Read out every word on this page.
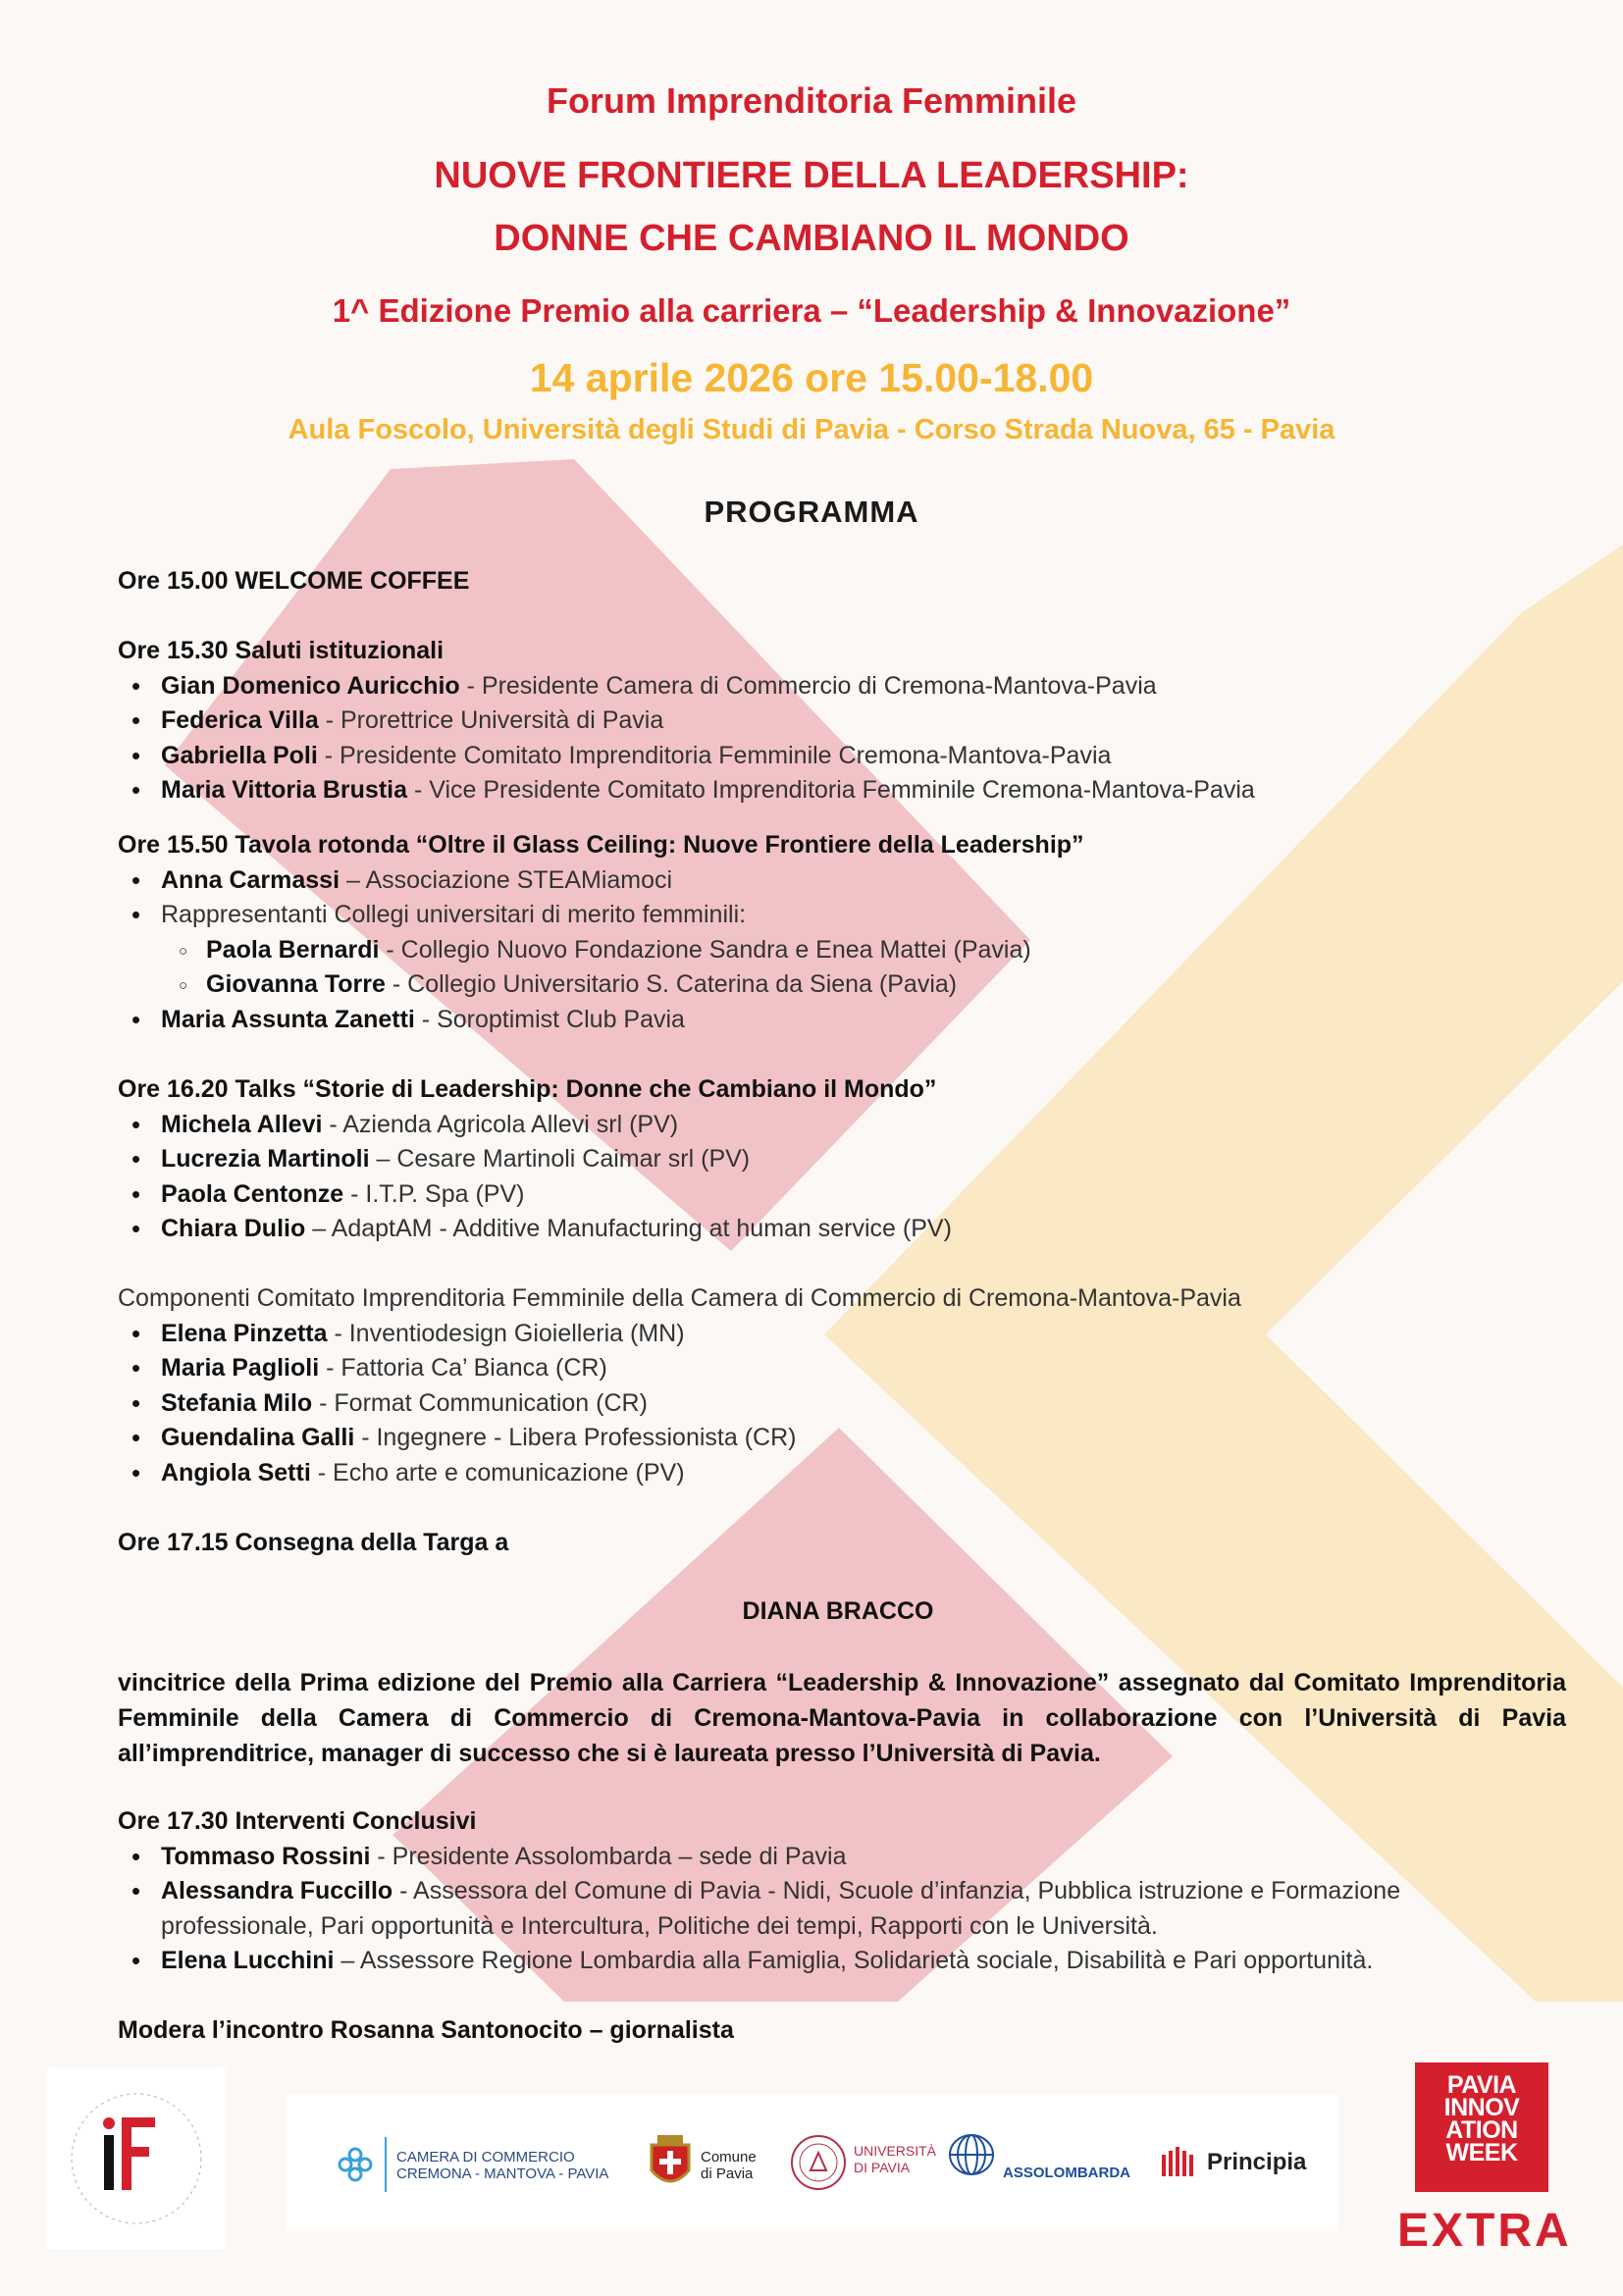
Forum Imprenditoria Femminile
NUOVE FRONTIERE DELLA LEADERSHIP:
DONNE CHE CAMBIANO IL MONDO
1^ Edizione Premio alla carriera – “Leadership & Innovazione”
14 aprile 2026 ore 15.00-18.00
Aula Foscolo, Università degli Studi di Pavia - Corso Strada Nuova, 65 - Pavia
PROGRAMMA
Ore 15.00 WELCOME COFFEE
Ore 15.30 Saluti istituzionali
• Gian Domenico Auricchio - Presidente Camera di Commercio di Cremona-Mantova-Pavia
• Federica Villa - Prorettrice Università di Pavia
• Gabriella Poli - Presidente Comitato Imprenditoria Femminile Cremona-Mantova-Pavia
• Maria Vittoria Brustia - Vice Presidente Comitato Imprenditoria Femminile Cremona-Mantova-Pavia
Ore 15.50 Tavola rotonda “Oltre il Glass Ceiling: Nuove Frontiere della Leadership”
• Anna Carmassi – Associazione STEAMiamoci
• Rappresentanti Collegi universitari di merito femminili:
○ Paola Bernardi - Collegio Nuovo Fondazione Sandra e Enea Mattei (Pavia)
○ Giovanna Torre - Collegio Universitario S. Caterina da Siena (Pavia)
• Maria Assunta Zanetti - Soroptimist Club Pavia
Ore 16.20 Talks “Storie di Leadership: Donne che Cambiano il Mondo”
• Michela Allevi - Azienda Agricola Allevi srl (PV)
• Lucrezia Martinoli – Cesare Martinoli Caimar srl (PV)
• Paola Centonze - I.T.P. Spa (PV)
• Chiara Dulio – AdaptAM - Additive Manufacturing at human service (PV)
Componenti Comitato Imprenditoria Femminile della Camera di Commercio di Cremona-Mantova-Pavia
• Elena Pinzetta - Inventiodesign Gioielleria (MN)
• Maria Paglioli - Fattoria Ca’ Bianca (CR)
• Stefania Milo - Format Communication (CR)
• Guendalina Galli - Ingegnere - Libera Professionista (CR)
• Angiola Setti - Echo arte e comunicazione (PV)
Ore 17.15 Consegna della Targa a
DIANA BRACCO
vincitrice della Prima edizione del Premio alla Carriera “Leadership & Innovazione” assegnato dal Comitato Imprenditoria Femminile della Camera di Commercio di Cremona-Mantova-Pavia in collaborazione con l’Università di Pavia all’imprenditrice, manager di successo che si è laureata presso l’Università di Pavia.
Ore 17.30 Interventi Conclusivi
• Tommaso Rossini - Presidente Assolombarda – sede di Pavia
• Alessandra Fuccillo - Assessora del Comune di Pavia - Nidi, Scuole d’infanzia, Pubblica istruzione e Formazione professionale, Pari opportunità e Intercultura, Politiche dei tempi, Rapporti con le Università.
• Elena Lucchini – Assessore Regione Lombardia alla Famiglia, Solidarietà sociale, Disabilità e Pari opportunità.
Modera l’incontro Rosanna Santonocito – giornalista
CAMERA DI COMMERCIO
CREMONA - MANTOVA - PAVIA
Comune
di Pavia
UNIVERSITÀ
DI PAVIA	ASSOLOMBARDA	Principia
PAVIA
INNOV
ATION
WEEK
EXTRA
